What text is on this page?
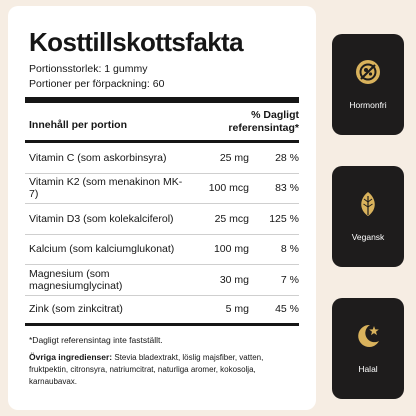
Kosttillskottsfakta
Portionsstorlek: 1 gummy
Portioner per förpackning: 60
Innehåll per portion
% Dagligt
referensintag*
Vitamin C (som askorbinsyra)	25 mg	28 %
Vitamin K2 (som menakinon MK-7)	100 mcg	83 %
Vitamin D3 (som kolekalciferol)	25 mcg	125 %
Kalcium (som kalciumglukonat)	100 mg	8 %
Magnesium (som magnesiumglycinat)	30 mg	7 %
Zink (som zinkcitrat)	5 mg	45 %
*Dagligt referensintag inte fastställt.
Övriga ingredienser: Stevia bladextrakt, löslig majsfiber, vatten, fruktpektin, citronsyra, natriumcitrat, naturliga aromer, kokosolja, karnaubavax.
Hormonfri
Vegansk
Halal
